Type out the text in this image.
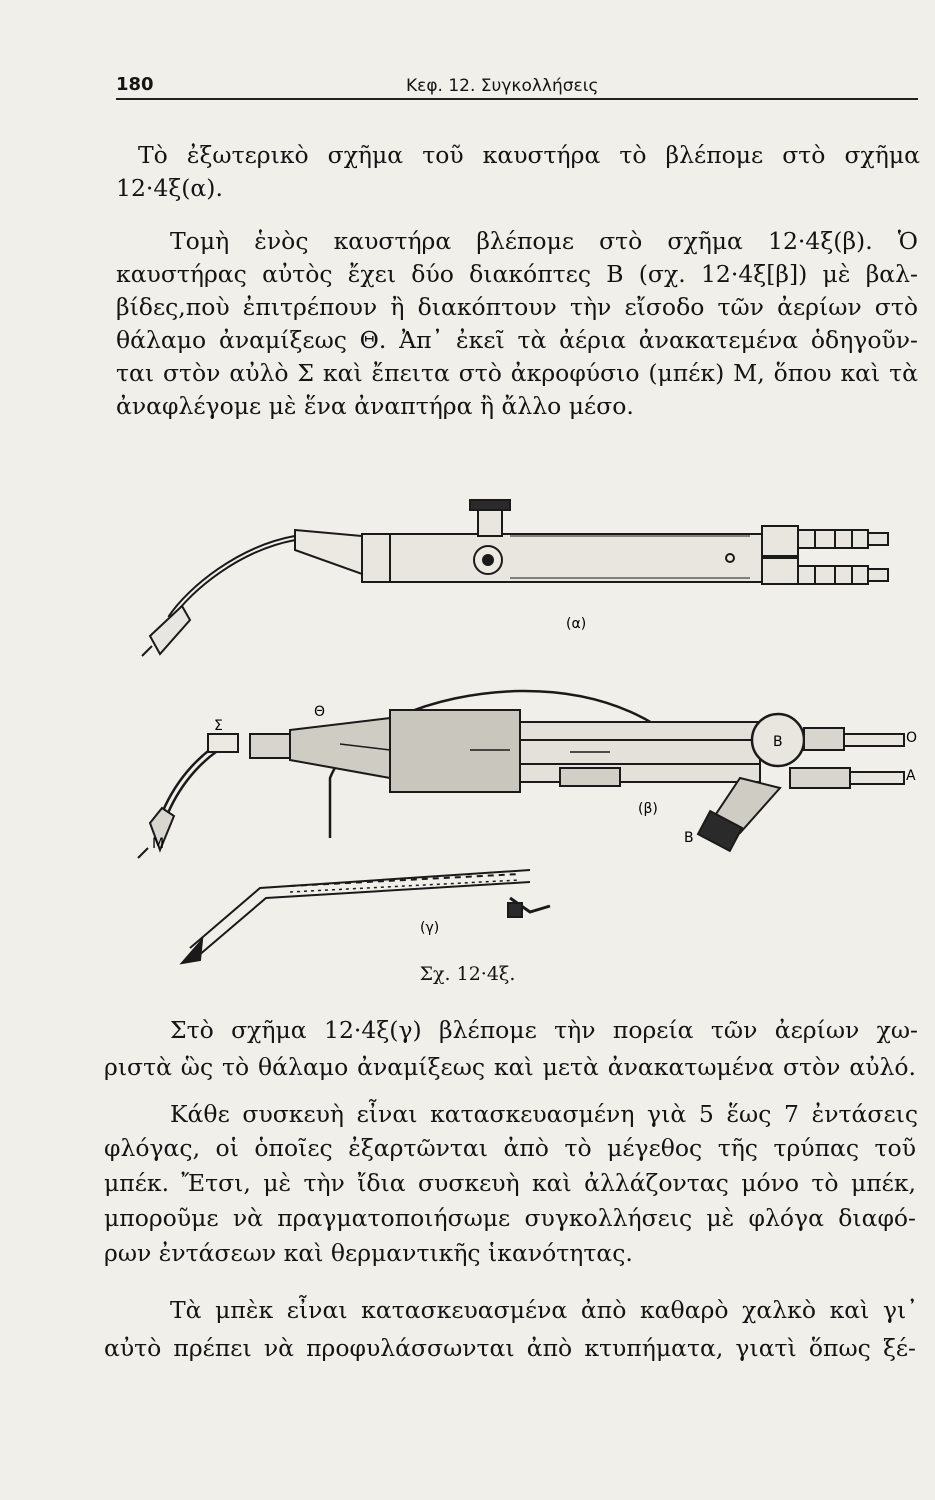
180	Κεφ. 12. Συγκολλήσεις
Τὸ ἐξωτερικὸ σχῆμα τοῦ καυστήρα τὸ βλέπομε στὸ σχῆμα
12·4ξ(α).
Τομὴ ἑνὸς καυστήρα βλέπομε στὸ σχῆμα 12·4ξ(β). Ὁ
καυστήρας αὐτὸς ἔχει δύο διακόπτες Β (σχ. 12·4ξ[β]) μὲ βαλ-
βίδες,ποὺ ἐπιτρέπουν ἢ διακόπτουν τὴν εἴσοδο τῶν ἀερίων στὸ
θάλαμο ἀναμίξεως Θ. Ἀπ᾿ ἐκεῖ τὰ ἀέρια ἀνακατεμένα ὁδηγοῦν-
ται στὸν αὐλὸ Σ καὶ ἔπειτα στὸ ἀκροφύσιο (μπέκ) Μ, ὅπου καὶ τὰ
ἀναφλέγομε μὲ ἕνα ἀναπτήρα ἢ ἄλλο μέσο.
(α)
(β)
(γ)
Σ
Θ
Μ
Β
Β
Ο
Α
Σχ. 12·4ξ.
Στὸ σχῆμα 12·4ξ(γ) βλέπομε τὴν πορεία τῶν ἀερίων χω-
ριστὰ ὣς τὸ θάλαμο ἀναμίξεως καὶ μετὰ ἀνακατωμένα στὸν αὐλό.
Κάθε συσκευὴ εἶναι κατασκευασμένη γιὰ 5 ἕως 7 ἐντάσεις
φλόγας, οἱ ὁποῖες ἐξαρτῶνται ἀπὸ τὸ μέγεθος τῆς τρύπας τοῦ
μπέκ. Ἔτσι, μὲ τὴν ἴδια συσκευὴ καὶ ἀλλάζοντας μόνο τὸ μπέκ,
μποροῦμε νὰ πραγματοποιήσωμε συγκολλήσεις μὲ φλόγα διαφό-
ρων ἐντάσεων καὶ θερμαντικῆς ἱκανότητας.
Τὰ μπὲκ εἶναι κατασκευασμένα ἀπὸ καθαρὸ χαλκὸ καὶ γι᾿
αὐτὸ πρέπει νὰ προφυλάσσωνται ἀπὸ κτυπήματα, γιατὶ ὅπως ξέ-
